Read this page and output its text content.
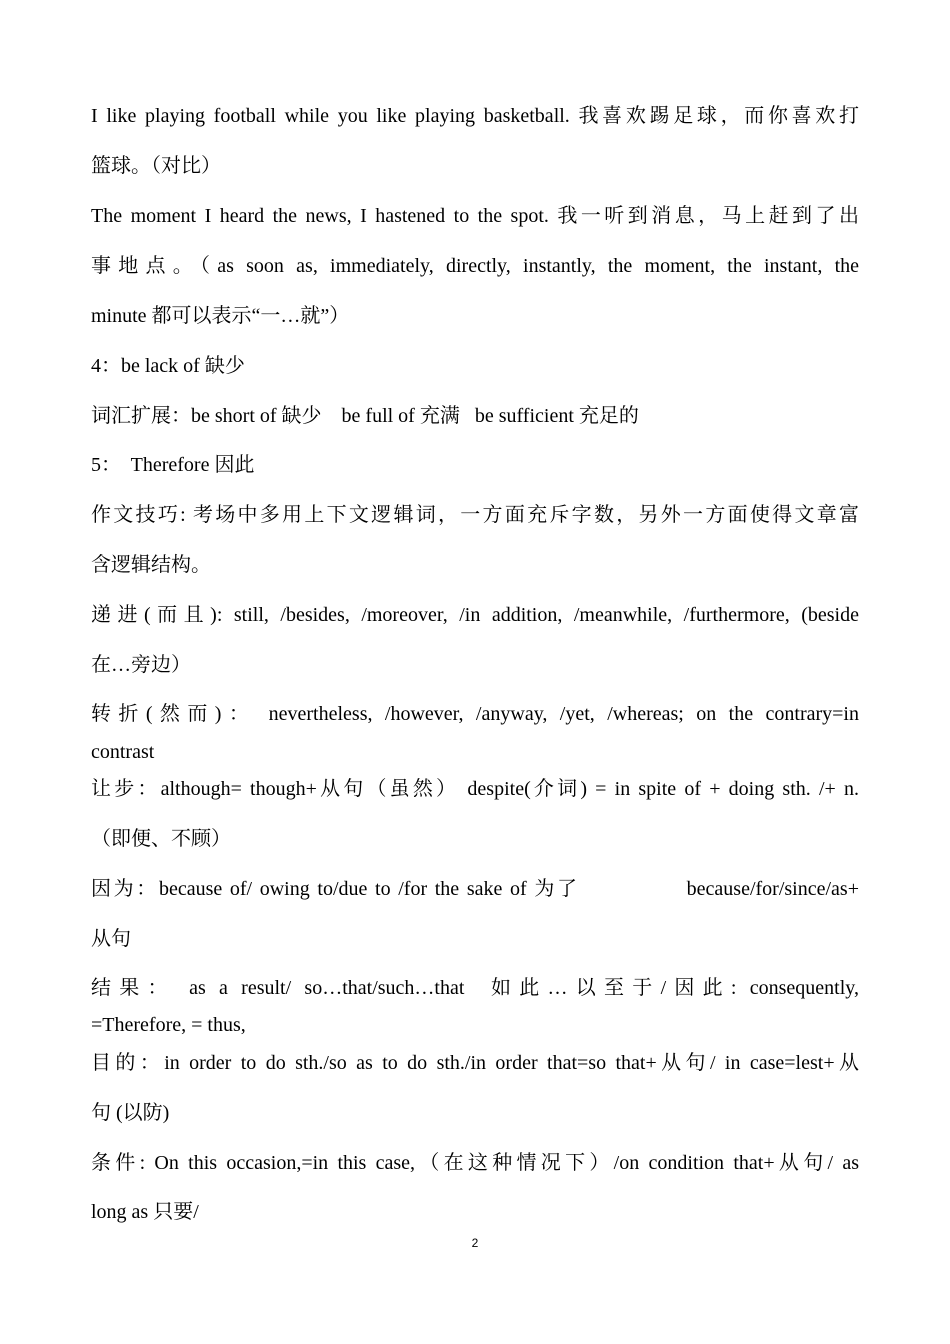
I like playing football while you like playing basketball. 我喜欢踢足球，而你喜欢打
篮球。（对比）
The moment I heard the news, I hastened to the spot. 我一听到消息，马上赶到了出
事地点。（as soon as, immediately, directly, instantly, the moment, the instant, the
minute 都可以表示“一…就”）
4：be lack of 缺少
词汇扩展：be short of 缺少    be full of 充满   be sufficient 充足的
5：  Therefore 因此
作文技巧: 考场中多用上下文逻辑词，一方面充斥字数，另外一方面使得文章富
含逻辑结构。
递进(而且): still, /besides, /moreover, /in addition, /meanwhile, /furthermore, (beside
在…旁边）
转折(然而)： nevertheless, /however, /anyway, /yet, /whereas; on the contrary=in
contrast
让步：although= though+从句（虽然） despite(介词) = in spite of + doing sth. /+ n.
（即便、不顾）
因为：because of/ owing to/due to /for the sake of 为了              because/for/since/as+
从句
结果： as a result/ so…that/such…that  如此…以至于/因此: consequently,
=Therefore, = thus,
目的：in order to do sth./so as to do sth./in order that=so that+从句/ in case=lest+从
句 (以防)
条件: On this occasion,=in this case,（在这种情况下）/on condition that+从句/ as
long as 只要/
2
